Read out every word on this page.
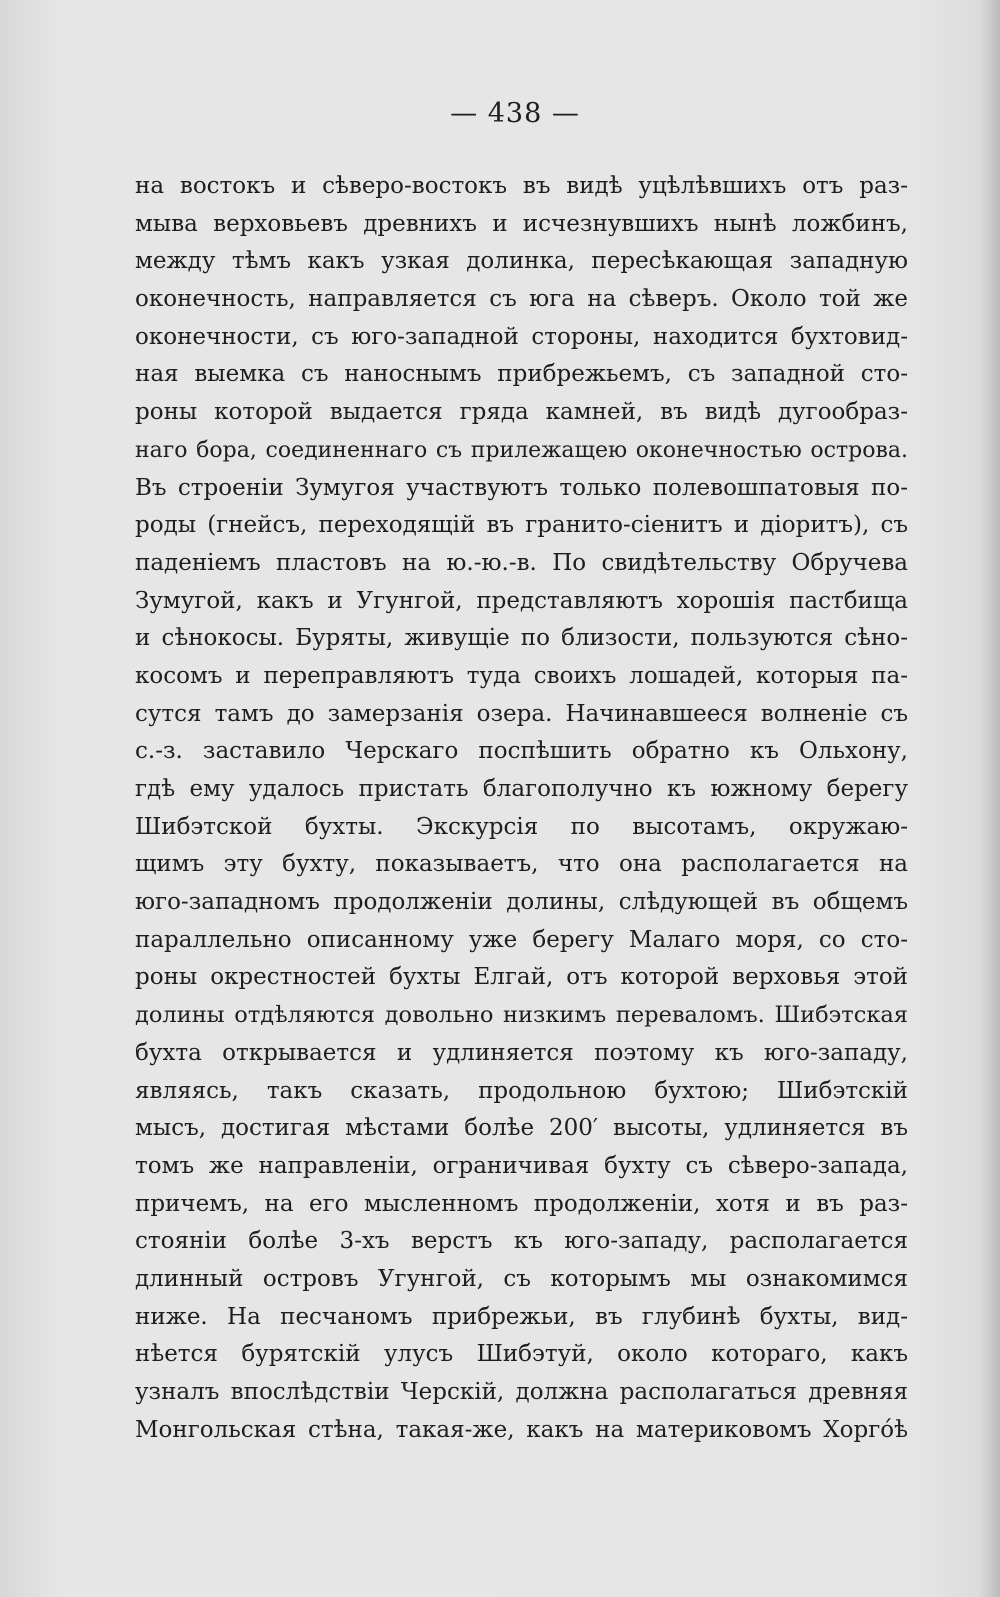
— 438 —
на востокъ и сѣверо-востокъ въ видѣ уцѣлѣвшихъ отъ раз-
мыва верховьевъ древнихъ и исчезнувшихъ нынѣ ложбинъ,
между тѣмъ какъ узкая долинка, пересѣкающая западную
оконечность, направляется съ юга на сѣверъ. Около той же
оконечности, съ юго-западной стороны, находится бухтовид-
ная выемка съ наноснымъ прибрежьемъ, съ западной сто-
роны которой выдается гряда камней, въ видѣ дугообраз-
наго бора, соединеннаго съ прилежащею оконечностью острова.
Въ строеніи Зумугоя участвуютъ только полевошпатовыя по-
роды (гнейсъ, переходящій въ гранито-сіенитъ и діоритъ), съ
паденіемъ пластовъ на ю.-ю.-в. По свидѣтельству Обручева
Зумугой, какъ и Угунгой, представляютъ хорошія пастбища
и сѣнокосы. Буряты, живущіе по близости, пользуются сѣно-
косомъ и переправляютъ туда своихъ лошадей, которыя па-
сутся тамъ до замерзанія озера. Начинавшееся волненіе съ
с.-з. заставило Черскаго поспѣшить обратно къ Ольхону,
гдѣ ему удалось пристать благополучно къ южному берегу
Шибэтской бухты. Экскурсія по высотамъ, окружаю-
щимъ эту бухту, показываетъ, что она располагается на
юго-западномъ продолженіи долины, слѣдующей въ общемъ
параллельно описанному уже берегу Малаго моря, со сто-
роны окрестностей бухты Елгай, отъ которой верховья этой
долины отдѣляются довольно низкимъ переваломъ. Шибэтская
бухта открывается и удлиняется поэтому къ юго-западу,
являясь, такъ сказать, продольною бухтою; Шибэтскій
мысъ, достигая мѣстами болѣе 200′ высоты, удлиняется въ
томъ же направленіи, ограничивая бухту съ сѣверо-запада,
причемъ, на его мысленномъ продолженіи, хотя и въ раз-
стояніи болѣе 3-хъ верстъ къ юго-западу, располагается
длинный островъ Угунгой, съ которымъ мы ознакомимся
ниже. На песчаномъ прибрежьи, въ глубинѣ бухты, вид-
нѣется бурятскій улусъ Шибэтуй, около котораго, какъ
узналъ впослѣдствіи Черскій, должна располагаться древняя
Монгольская стѣна, такая-же, какъ на материковомъ Хоргóѣ
